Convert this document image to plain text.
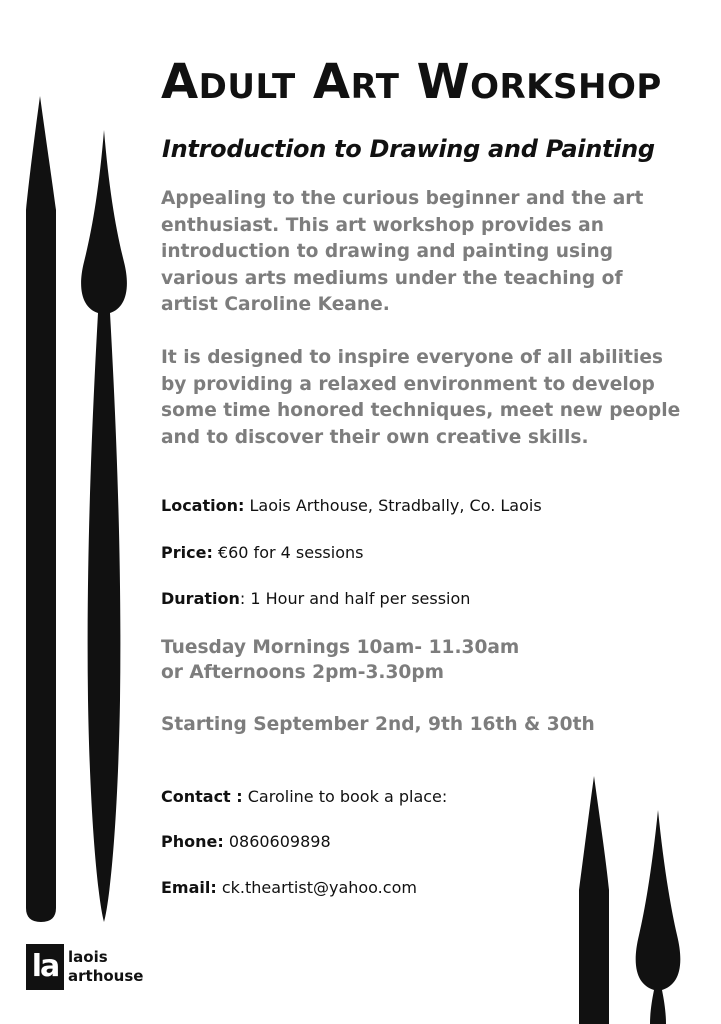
Adult Art Workshop
Introduction to Drawing and Painting

Appealing to the curious beginner and the art enthusiast. This art workshop provides an introduction to drawing and painting using various arts mediums under the teaching of artist Caroline Keane.

It is designed to inspire everyone of all abilities by providing a relaxed environment to develop some time honored techniques, meet new people and to discover their own creative skills.

Location: Laois Arthouse, Stradbally, Co. Laois

Price: €60 for 4 sessions

Duration: 1 Hour and half per session

Tuesday Mornings 10am- 11.30am

or Afternoons 2pm-3.30pm

Starting September 2nd, 9th 16th & 30th

Contact : Caroline to book a place:

Phone: 0860609898

Email: ck.theartist@yahoo.com

la laois
arthouse
